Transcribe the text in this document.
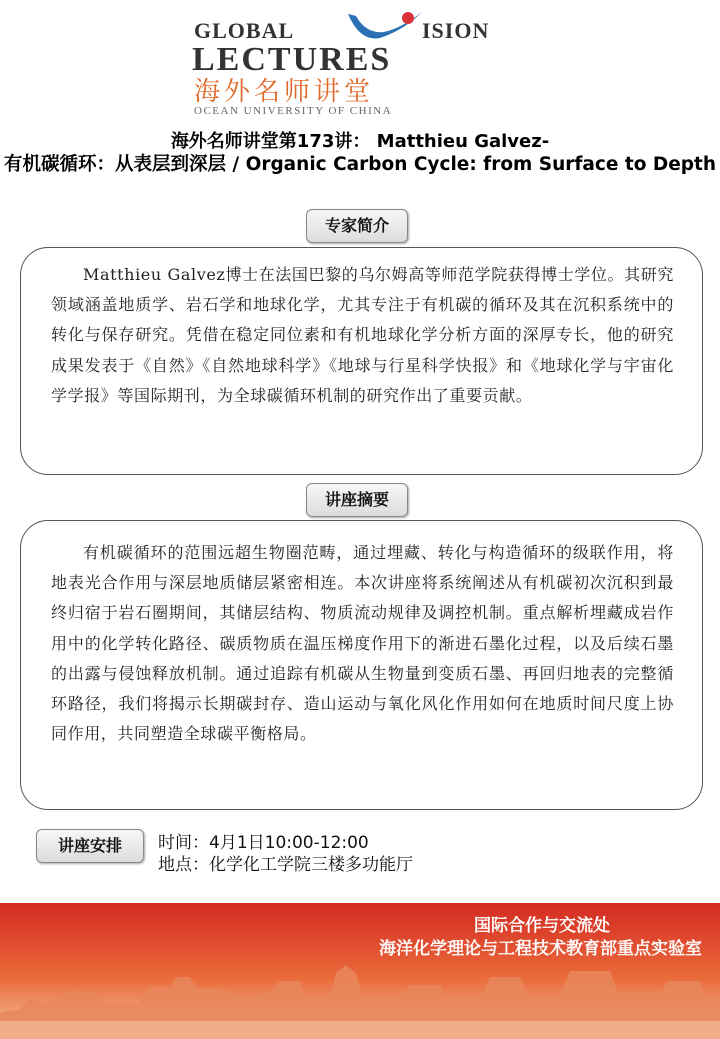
GLOBAL	ISION
LECTURES
海外名师讲堂
OCEAN UNIVERSITY OF CHINA
海外名师讲堂第173讲： Matthieu Galvez-
有机碳循环：从表层到深层 / Organic Carbon Cycle: from Surface to Depth
专家简介

Matthieu Galvez博士在法国巴黎的乌尔姆高等师范学院获得博士学位。其研究领域涵盖地质学、岩石学和地球化学，尤其专注于有机碳的循环及其在沉积系统中的转化与保存研究。凭借在稳定同位素和有机地球化学分析方面的深厚专长，他的研究成果发表于《自然》《自然地球科学》《地球与行星科学快报》和《地球化学与宇宙化学学报》等国际期刊，为全球碳循环机制的研究作出了重要贡献。

讲座摘要

有机碳循环的范围远超生物圈范畴，通过埋藏、转化与构造循环的级联作用，将地表光合作用与深层地质储层紧密相连。本次讲座将系统阐述从有机碳初次沉积到最终归宿于岩石圈期间，其储层结构、物质流动规律及调控机制。重点解析埋藏成岩作用中的化学转化路径、碳质物质在温压梯度作用下的渐进石墨化过程，以及后续石墨的出露与侵蚀释放机制。通过追踪有机碳从生物量到变质石墨、再回归地表的完整循环路径，我们将揭示长期碳封存、造山运动与氧化风化作用如何在地质时间尺度上协同作用，共同塑造全球碳平衡格局。

讲座安排	时间：4月1日10:00-12:00
地点：化学化工学院三楼多功能厅
国际合作与交流处
海洋化学理论与工程技术教育部重点实验室
